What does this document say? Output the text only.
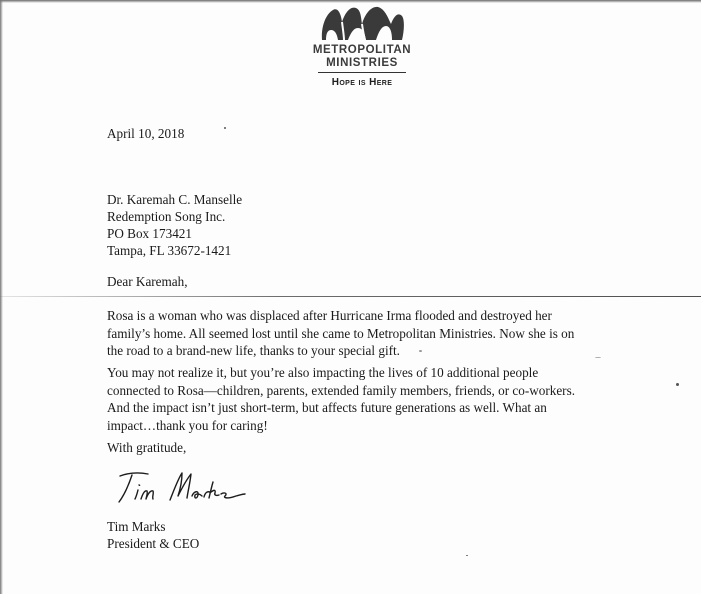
METROPOLITAN
MINISTRIES
Hope is Here
April 10, 2018
Dr. Karemah C. Manselle
Redemption Song Inc.
PO Box 173421
Tampa, FL 33672-1421
Dear Karemah,
Rosa is a woman who was displaced after Hurricane Irma flooded and destroyed her
family’s home. All seemed lost until she came to Metropolitan Ministries. Now she is on
the road to a brand-new life, thanks to your special gift.
You may not realize it, but you’re also impacting the lives of 10 additional people
connected to Rosa—children, parents, extended family members, friends, or co-workers.
And the impact isn’t just short-term, but affects future generations as well. What an
impact…thank you for caring!
With gratitude,
Tim Marks
President & CEO
